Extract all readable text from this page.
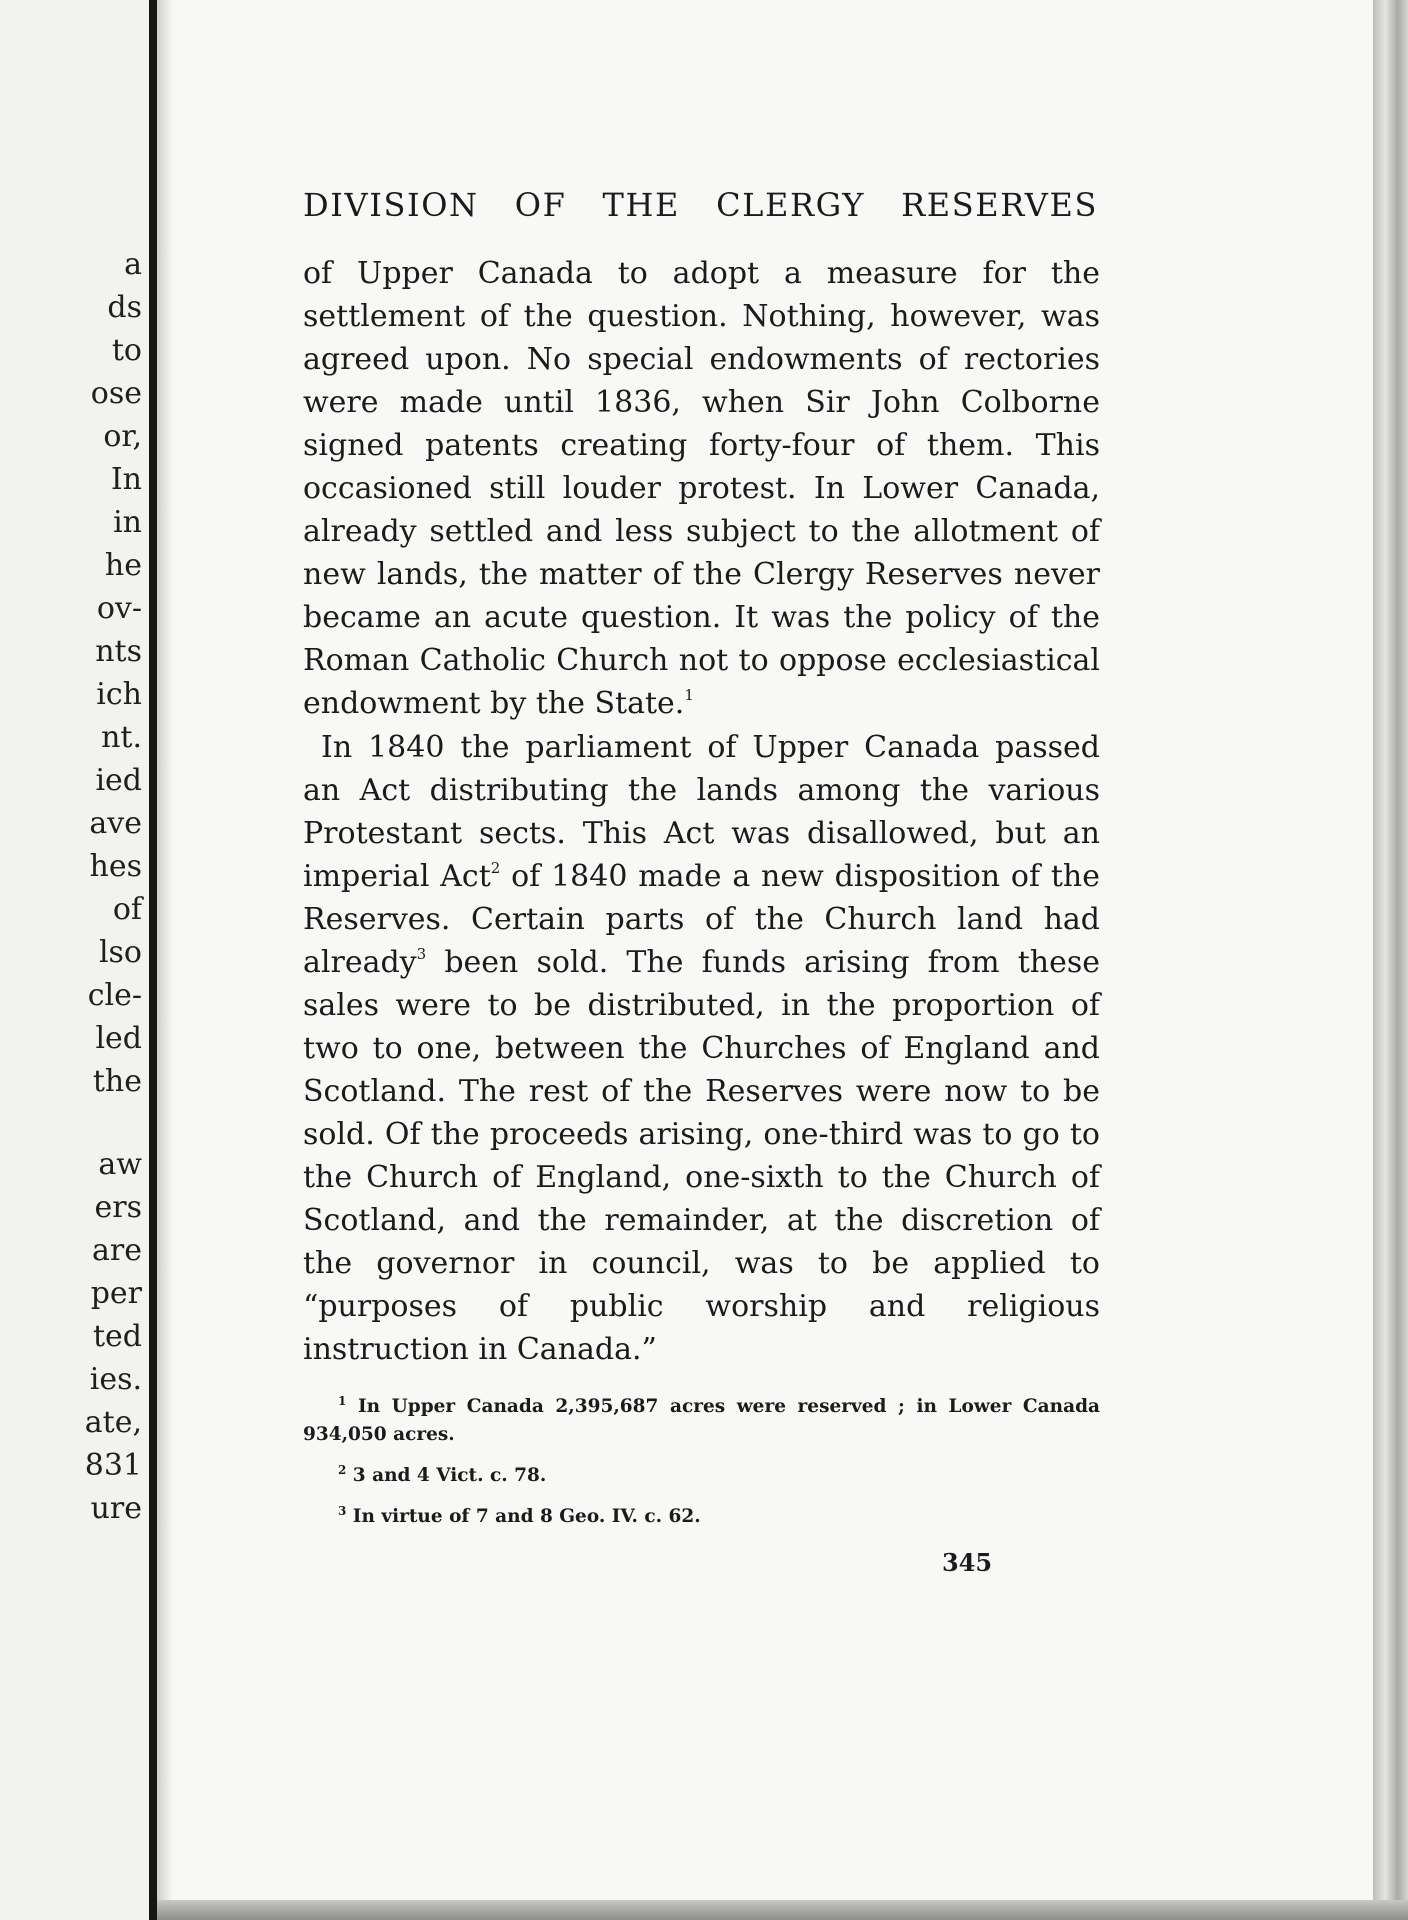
a
ds
to
ose
or,
In
in
he
ov-
nts
ich
nt.
ied
ave
hes
of
lso
cle-
led
the
aw
ers
are
per
ted
ies.
ate,
831
ure
DIVISION OF THE CLERGY RESERVES

of Upper Canada to adopt a measure for the settlement of the question. Nothing, however, was agreed upon. No special endowments of rectories were made until 1836, when Sir John Colborne signed patents creating forty-four of them. This occasioned still louder protest. In Lower Canada, already settled and less subject to the allotment of new lands, the matter of the Clergy Reserves never became an acute question. It was the policy of the Roman Catholic Church not to oppose ecclesiastical endowment by the State.$^1$

In 1840 the parliament of Upper Canada passed an Act distributing the lands among the various Protestant sects. This Act was disallowed, but an imperial Act$^2$ of 1840 made a new disposition of the Reserves. Certain parts of the Church land had already$^3$ been sold. The funds arising from these sales were to be distributed, in the proportion of two to one, between the Churches of England and Scotland. The rest of the Reserves were now to be sold. Of the proceeds arising, one-third was to go to the Church of England, one-sixth to the Church of Scotland, and the remainder, at the discretion of the governor in council, was to be applied to “purposes of public worship and religious instruction in Canada.”

$^1$ In Upper Canada 2,395,687 acres were reserved ; in Lower Canada 934,050 acres.

$^2$ 3 and 4 Vict. c. 78.

$^3$ In virtue of 7 and 8 Geo. IV. c. 62.

345
